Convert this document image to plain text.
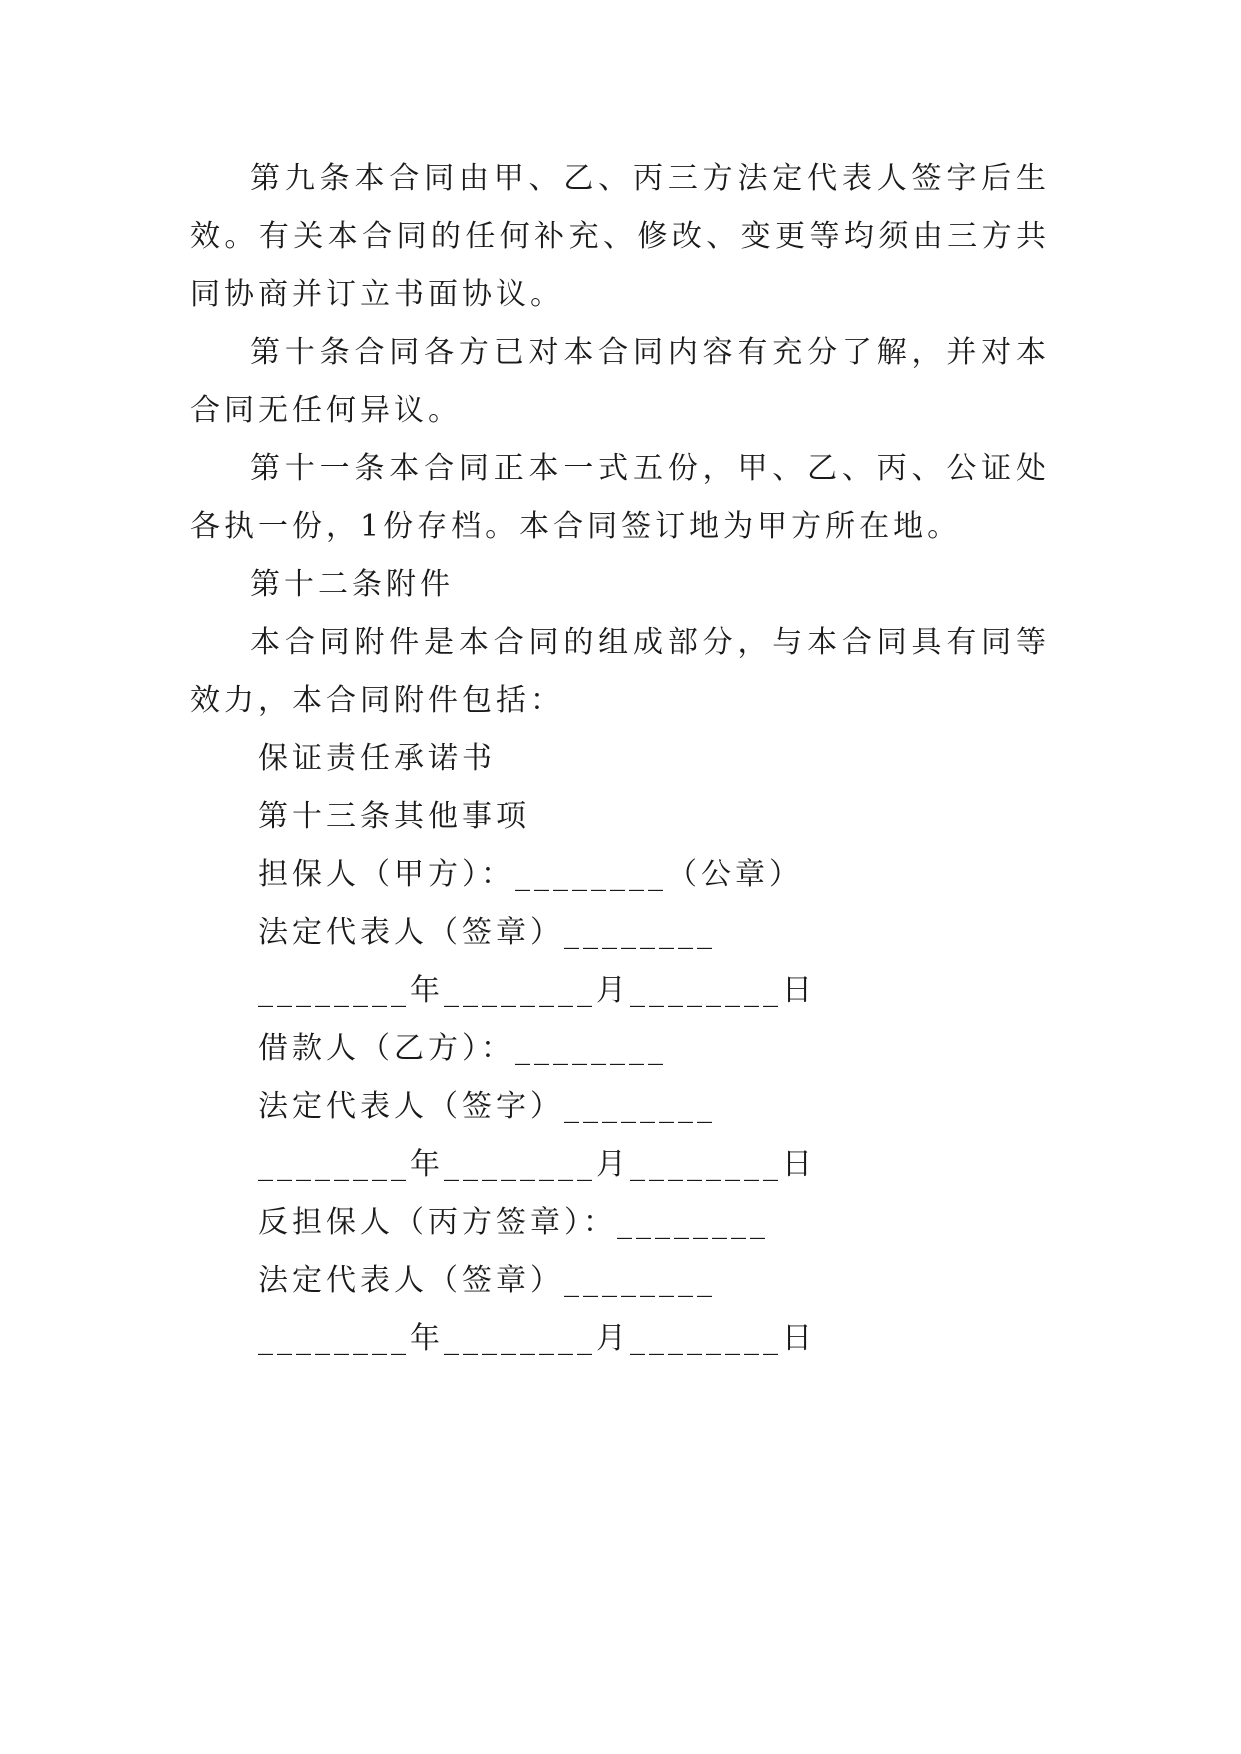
第九条本合同由甲、乙、丙三方法定代表人签字后生效。有关本合同的任何补充、修改、变更等均须由三方共同协商并订立书面协议。

第十条合同各方已对本合同内容有充分了解，并对本合同无任何异议。

第十一条本合同正本一式五份，甲、乙、丙、公证处各执一份，1份存档。本合同签订地为甲方所在地。

第十二条附件

本合同附件是本合同的组成部分，与本合同具有同等效力，本合同附件包括：

保证责任承诺书

第十三条其他事项

担保人（甲方）：________（公章）

法定代表人（签章）________

________年________月________日

借款人（乙方）：________

法定代表人（签字）________

________年________月________日

反担保人（丙方签章）：________

法定代表人（签章）________

________年________月________日
